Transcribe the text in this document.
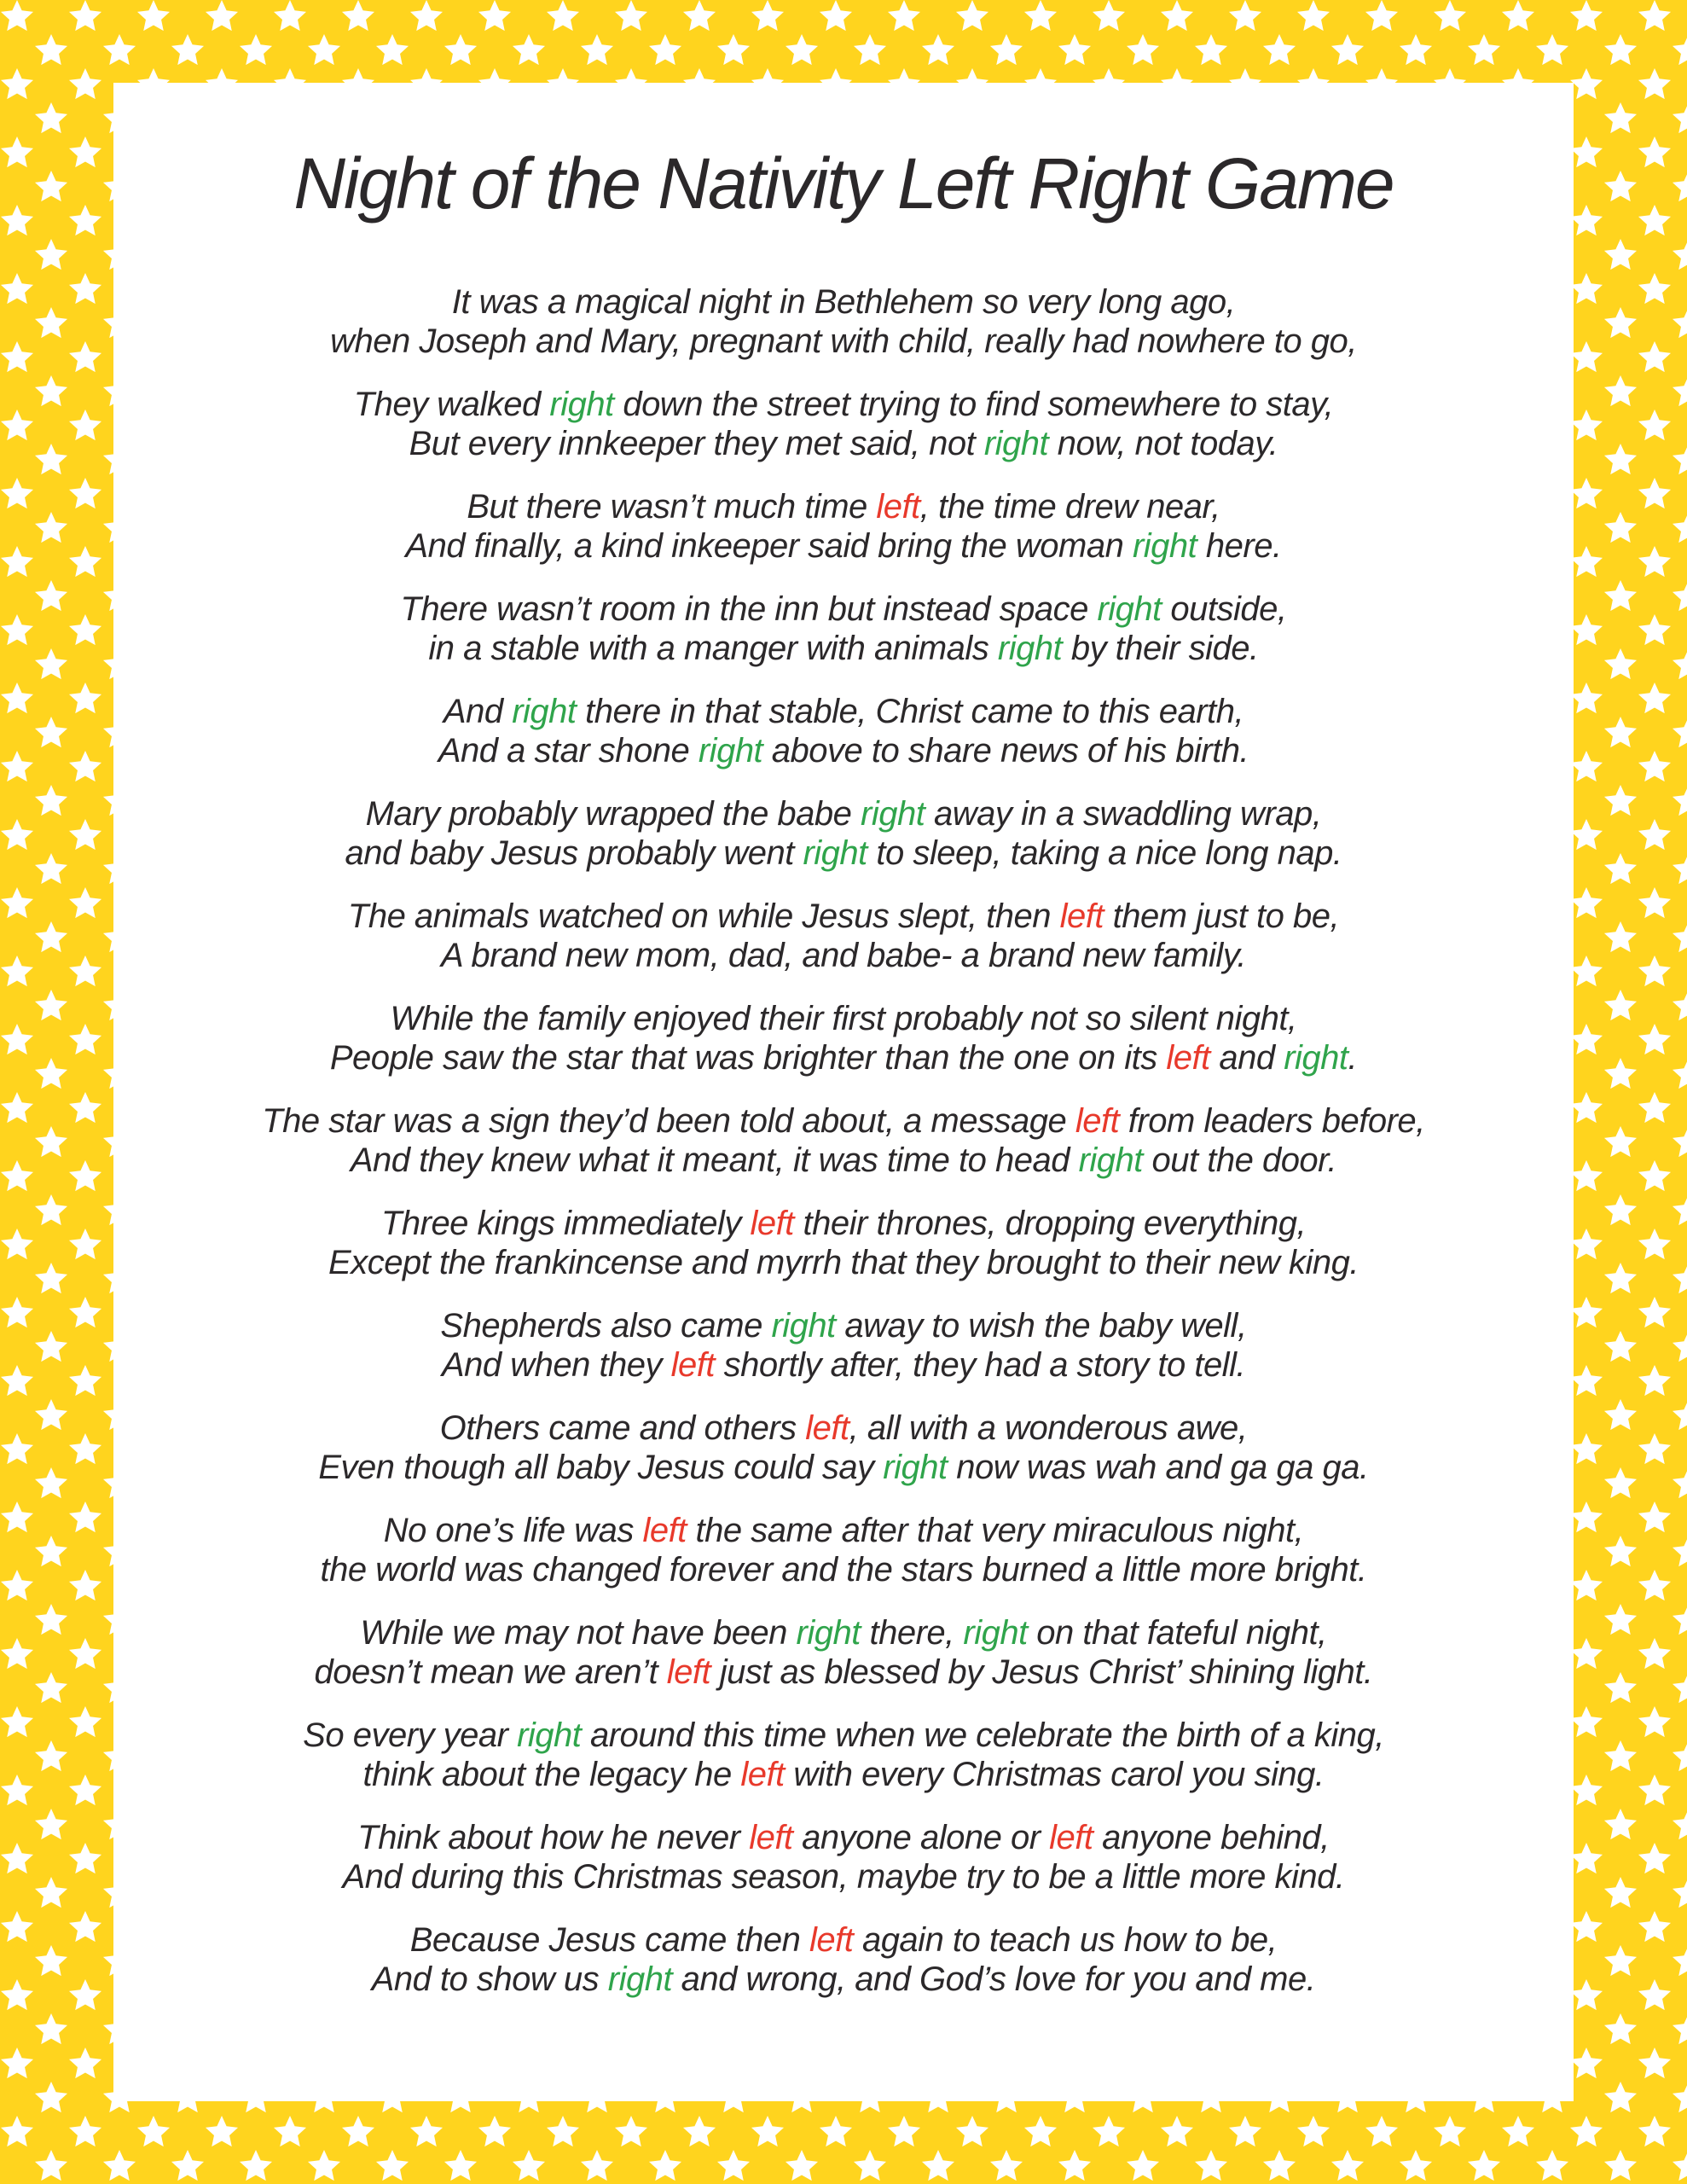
Night of the Nativity Left Right Game
It was a magical night in Bethlehem so very long ago,
when Joseph and Mary, pregnant with child, really had nowhere to go,
They walked right down the street trying to find somewhere to stay,
But every innkeeper they met said, not right now, not today.
But there wasn’t much time left, the time drew near,
And finally, a kind inkeeper said bring the woman right here.
There wasn’t room in the inn but instead space right outside,
in a stable with a manger with animals right by their side.
And right there in that stable, Christ came to this earth,
And a star shone right above to share news of his birth.
Mary probably wrapped the babe right away in a swaddling wrap,
and baby Jesus probably went right to sleep, taking a nice long nap.
The animals watched on while Jesus slept, then left them just to be,
A brand new mom, dad, and babe- a brand new family.
While the family enjoyed their first probably not so silent night,
People saw the star that was brighter than the one on its left and right.
The star was a sign they’d been told about, a message left from leaders before,
And they knew what it meant, it was time to head right out the door.
Three kings immediately left their thrones, dropping everything,
Except the frankincense and myrrh that they brought to their new king.
Shepherds also came right away to wish the baby well,
And when they left shortly after, they had a story to tell.
Others came and others left, all with a wonderous awe,
Even though all baby Jesus could say right now was wah and ga ga ga.
No one’s life was left the same after that very miraculous night,
the world was changed forever and the stars burned a little more bright.
While we may not have been right there, right on that fateful night,
doesn’t mean we aren’t left just as blessed by Jesus Christ’ shining light.
So every year right around this time when we celebrate the birth of a king,
think about the legacy he left with every Christmas carol you sing.
Think about how he never left anyone alone or left anyone behind,
And during this Christmas season, maybe try to be a little more kind.
Because Jesus came then left again to teach us how to be,
And to show us right and wrong, and God’s love for you and me.
